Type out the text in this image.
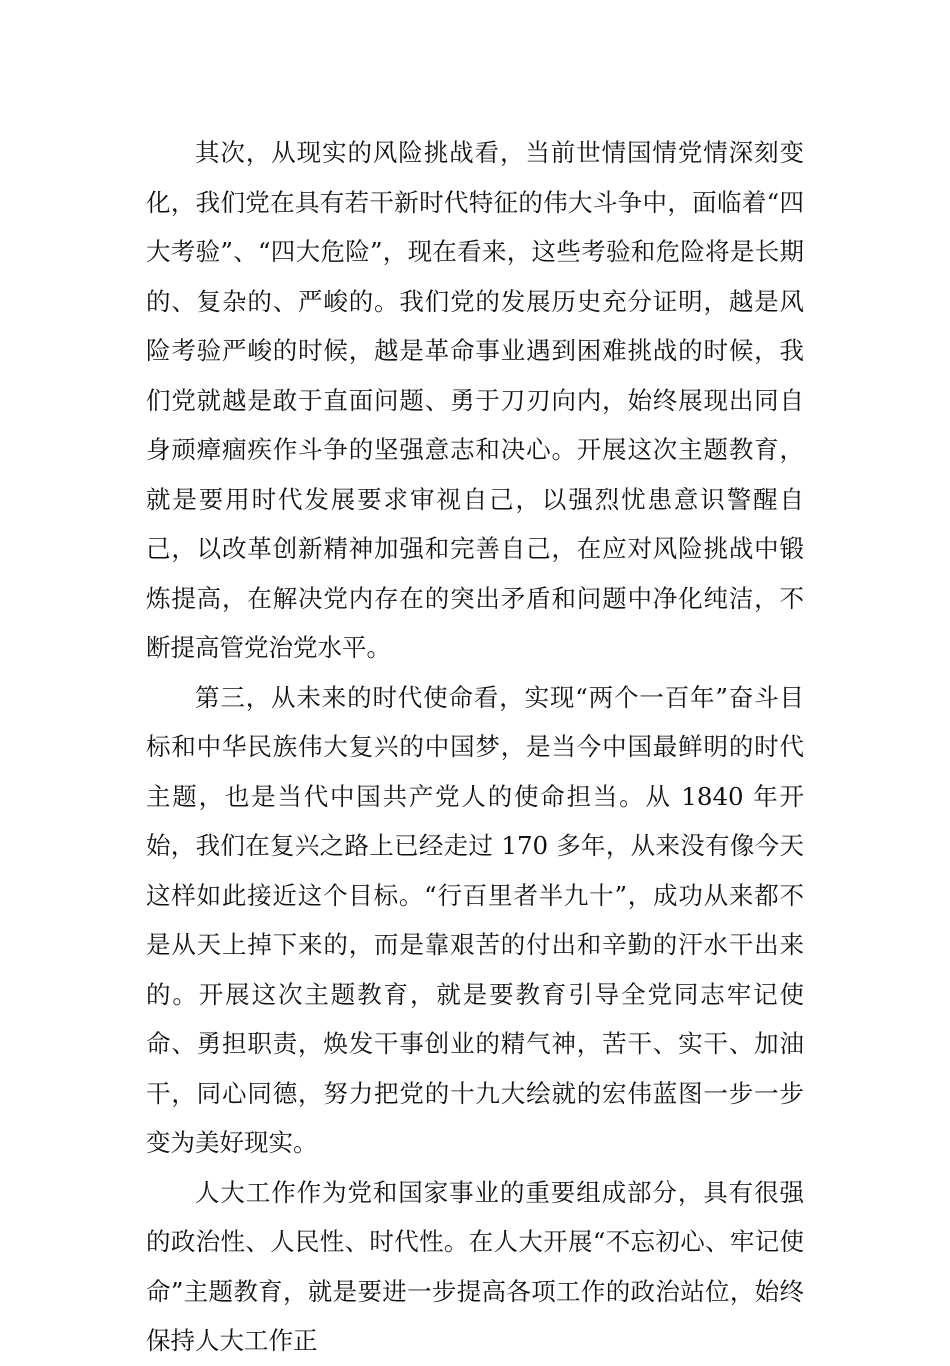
其次，从现实的风险挑战看，当前世情国情党情深刻变化，我们党在具有若干新时代特征的伟大斗争中，面临着“四大考验”、“四大危险”，现在看来，这些考验和危险将是长期的、复杂的、严峻的。我们党的发展历史充分证明，越是风险考验严峻的时候，越是革命事业遇到困难挑战的时候，我们党就越是敢于直面问题、勇于刀刃向内，始终展现出同自身顽瘴痼疾作斗争的坚强意志和决心。开展这次主题教育，就是要用时代发展要求审视自己，以强烈忧患意识警醒自己，以改革创新精神加强和完善自己，在应对风险挑战中锻炼提高，在解决党内存在的突出矛盾和问题中净化纯洁，不断提高管党治党水平。

第三，从未来的时代使命看，实现“两个一百年”奋斗目标和中华民族伟大复兴的中国梦，是当今中国最鲜明的时代主题，也是当代中国共产党人的使命担当。从 1840 年开始，我们在复兴之路上已经走过 170 多年，从来没有像今天这样如此接近这个目标。“行百里者半九十”，成功从来都不是从天上掉下来的，而是靠艰苦的付出和辛勤的汗水干出来的。开展这次主题教育，就是要教育引导全党同志牢记使命、勇担职责，焕发干事创业的精气神，苦干、实干、加油干，同心同德，努力把党的十九大绘就的宏伟蓝图一步一步变为美好现实。

人大工作作为党和国家事业的重要组成部分，具有很强的政治性、人民性、时代性。在人大开展“不忘初心、牢记使命”主题教育，就是要进一步提高各项工作的政治站位，始终保持人大工作正
